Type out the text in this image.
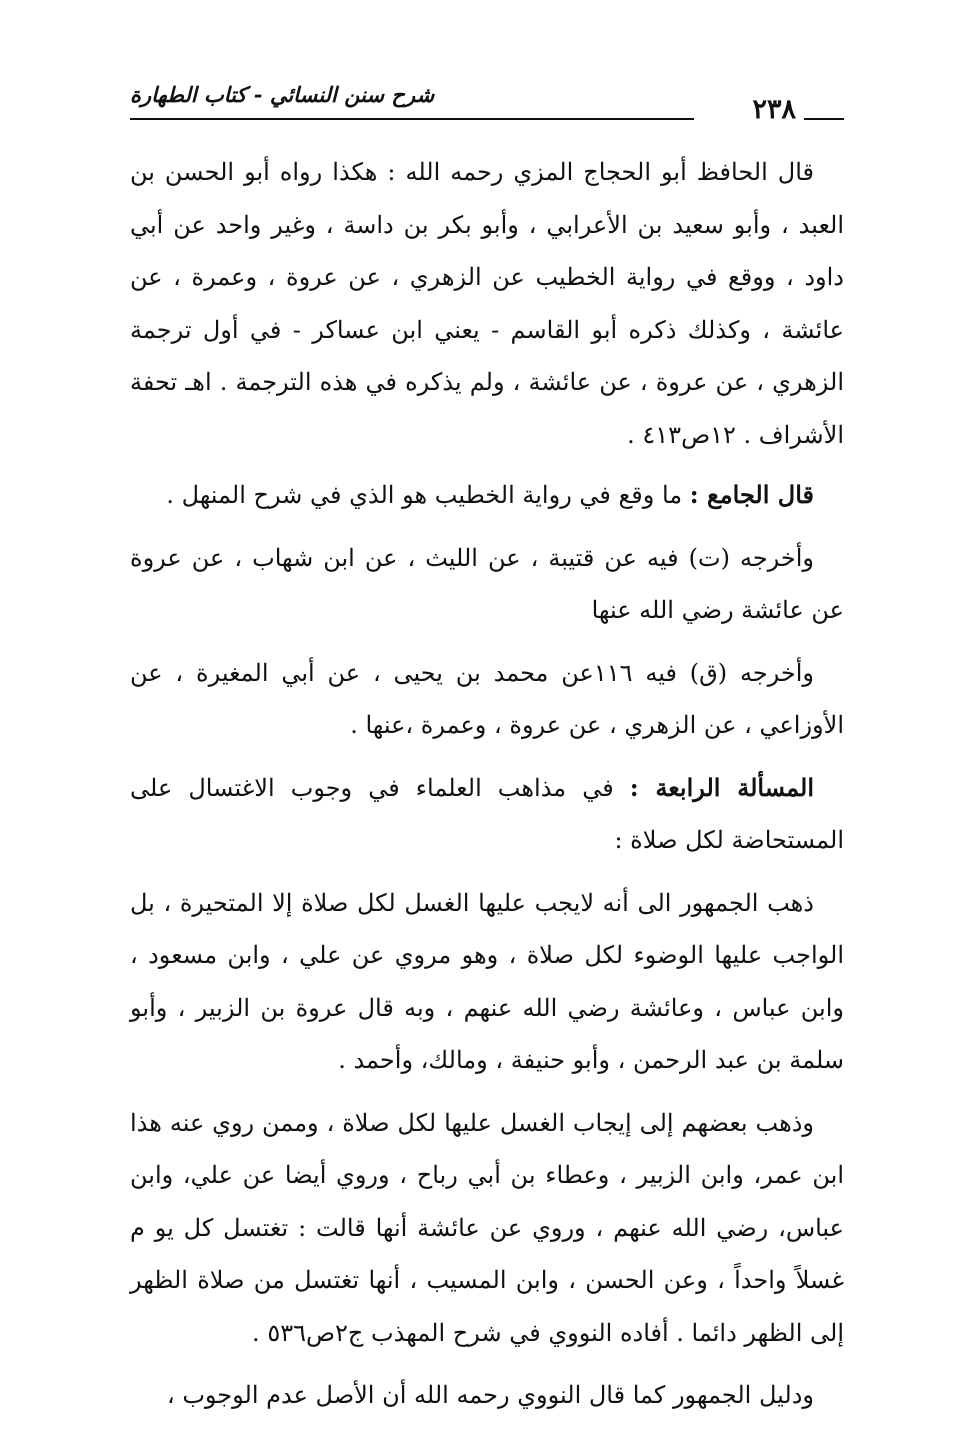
٢٣٨
شرح سنن النسائي - كتاب الطهارة

قال الحافظ أبو الحجاج المزي رحمه الله : هكذا رواه أبو الحسن بن العبد ، وأبو سعيد بن الأعرابي ، وأبو بكر بن داسة ، وغير واحد عن أبي داود ، ووقع في رواية الخطيب عن الزهري ، عن عروة ، وعمرة ، عن عائشة ، وكذلك ذكره أبو القاسم - يعني ابن عساكر - في أول ترجمة الزهري ، عن عروة ، عن عائشة ، ولم يذكره في هذه الترجمة . اهـ تحفة الأشراف . ١٢ص٤١٣ .

قال الجامع : ما وقع في رواية الخطيب هو الذي في شرح المنهل .

وأخرجه (ت) فيه عن قتيبة ، عن الليث ، عن ابن شهاب ، عن عروة عن عائشة رضي الله عنها

وأخرجه (ق) فيه ١١٦عن محمد بن يحيى ، عن أبي المغيرة ، عن الأوزاعي ، عن الزهري ، عن عروة ، وعمرة ،عنها .

المسألة الرابعة : في مذاهب العلماء في وجوب الاغتسال على المستحاضة لكل صلاة :

ذهب الجمهور الى أنه لايجب عليها الغسل لكل صلاة إلا المتحيرة ، بل الواجب عليها الوضوء لكل صلاة ، وهو مروي عن علي ، وابن مسعود ، وابن عباس ، وعائشة رضي الله عنهم ، وبه قال عروة بن الزبير ، وأبو سلمة بن عبد الرحمن ، وأبو حنيفة ، ومالك، وأحمد .

وذهب بعضهم إلى إيجاب الغسل عليها لكل صلاة ، وممن روي عنه هذا ابن عمر، وابن الزبير ، وعطاء بن أبي رباح ، وروي أيضا عن علي، وابن عباس، رضي الله عنهم ، وروي عن عائشة أنها قالت : تغتسل كل يو م غسلاً واحداً ، وعن الحسن ، وابن المسيب ، أنها تغتسل من صلاة الظهر إلى الظهر دائما . أفاده النووي في شرح المهذب ج٢ص٥٣٦ .

ودليل الجمهور كما قال النووي رحمه الله أن الأصل عدم الوجوب ،
